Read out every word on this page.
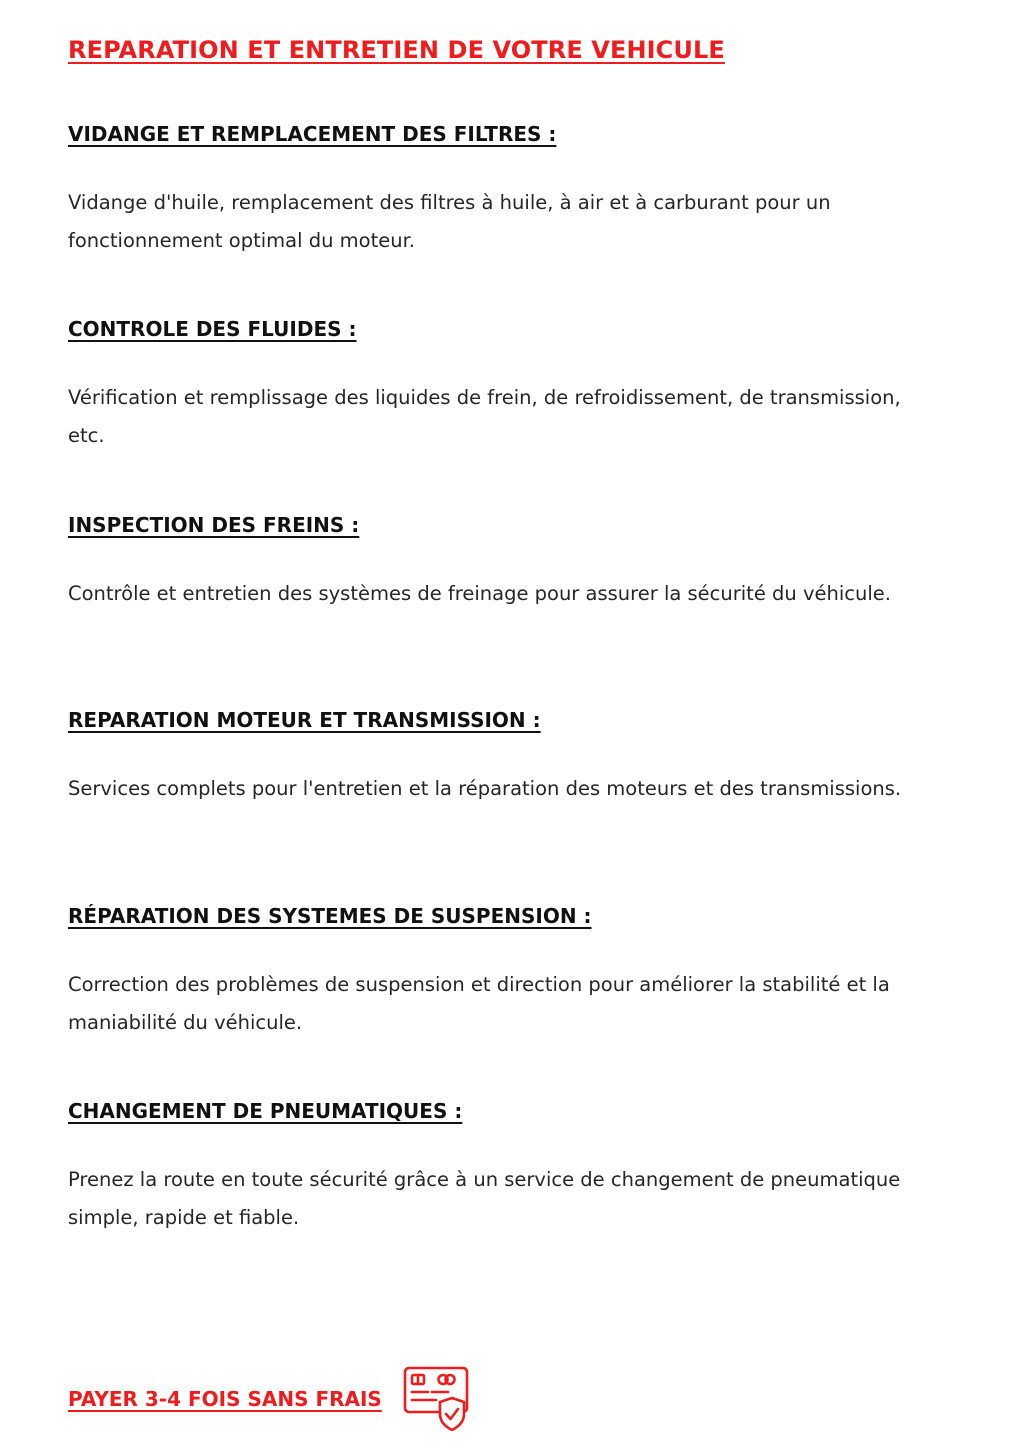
REPARATION ET ENTRETIEN DE VOTRE VEHICULE
VIDANGE ET REMPLACEMENT DES FILTRES :

Vidange d'huile, remplacement des filtres à huile, à air et à carburant pour un fonctionnement optimal du moteur.

CONTROLE DES FLUIDES :

Vérification et remplissage des liquides de frein, de refroidissement, de transmission, etc.

INSPECTION DES FREINS :

Contrôle et entretien des systèmes de freinage pour assurer la sécurité du véhicule.

REPARATION MOTEUR ET TRANSMISSION :

Services complets pour l'entretien et la réparation des moteurs et des transmissions.

RÉPARATION DES SYSTEMES DE SUSPENSION :

Correction des problèmes de suspension et direction pour améliorer la stabilité et la maniabilité du véhicule.

CHANGEMENT DE PNEUMATIQUES :

Prenez la route en toute sécurité grâce à un service de changement de pneumatique simple, rapide et fiable.

PAYER 3-4 FOIS SANS FRAIS
